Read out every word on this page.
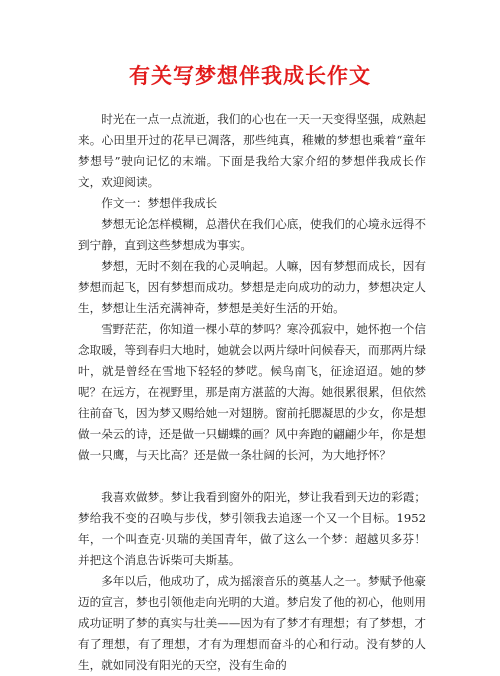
有关写梦想伴我成长作文

时光在一点一点流逝，我们的心也在一天一天变得坚强，成熟起来。心田里开过的花早已凋落，那些纯真，稚嫩的梦想也乘着“童年梦想号”驶向记忆的末端。下面是我给大家介绍的梦想伴我成长作文，欢迎阅读。

作文一：梦想伴我成长

梦想无论怎样模糊，总潜伏在我们心底，使我们的心境永远得不到宁静，直到这些梦想成为事实。

梦想，无时不刻在我的心灵响起。人嘛，因有梦想而成长，因有梦想而起飞，因有梦想而成功。梦想是走向成功的动力，梦想决定人生，梦想让生活充满神奇，梦想是美好生活的开始。

雪野茫茫，你知道一棵小草的梦吗？寒冷孤寂中，她怀抱一个信念取暖，等到春归大地时，她就会以两片绿叶问候春天，而那两片绿叶，就是曾经在雪地下轻轻的梦呓。候鸟南飞，征途迢迢。她的梦呢？在远方，在视野里，那是南方湛蓝的大海。她很累很累，但依然往前奋飞，因为梦又赐给她一对翅膀。窗前托腮凝思的少女，你是想做一朵云的诗，还是做一只蝴蝶的画？风中奔跑的翩翩少年，你是想做一只鹰，与天比高？还是做一条壮阔的长河，为大地抒怀？

我喜欢做梦。梦让我看到窗外的阳光，梦让我看到天边的彩霞；梦给我不变的召唤与步伐，梦引领我去追逐一个又一个目标。1952年，一个叫查克·贝瑞的美国青年，做了这么一个梦：超越贝多芬！并把这个消息告诉柴可夫斯基。

多年以后，他成功了，成为摇滚音乐的奠基人之一。梦赋予他豪迈的宣言，梦也引领他走向光明的大道。梦启发了他的初心，他则用成功证明了梦的真实与壮美——因为有了梦才有理想；有了梦想，才有了理想，有了理想，才有为理想而奋斗的心和行动。没有梦的人生，就如同没有阳光的天空，没有生命的
